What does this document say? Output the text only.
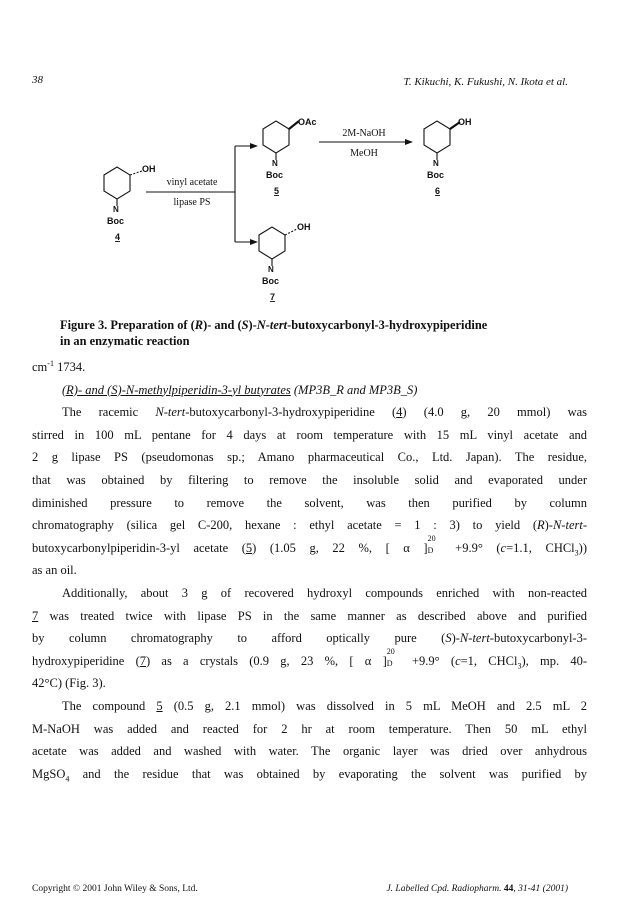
38	T. Kikuchi, K. Fukushi, N. Ikota et al.
OH
N
Boc
4
OAc
N
Boc
5
OH
N
Boc
6
OH
N
Boc
7
vinyl acetate
lipase PS
2M-NaOH
MeOH
Figure 3. Preparation of (R)- and (S)-N-tert-butoxycarbonyl-3-hydroxypiperidine
in an enzymatic reaction

$cm^{-1}$ 1734.

(R)- and (S)-N-methylpiperidin-3-yl butyrates (MP3B_R and MP3B_S)

The racemic N-tert-butoxycarbonyl-3-hydroxypiperidine (4) (4.0 g, 20 mmol) was

stirred in 100 mL pentane for 4 days at room temperature with 15 mL vinyl acetate and

2 g lipase PS (pseudomonas sp.; Amano pharmaceutical Co., Ltd. Japan). The residue,

that was obtained by filtering to remove the insoluble solid and evaporated under

diminished pressure to remove the solvent, was then purified by column

chromatography (silica gel C-200, hexane : ethyl acetate = 1 : 3) to yield (R)-N-tert-

butoxycarbonylpiperidin-3-yl acetate (5) (1.05 g, 22 %, [ α ]
20
D +9.9° (c=1.1, CHCl$_3$))

as an oil.

Additionally, about 3 g of recovered hydroxyl compounds enriched with non-reacted

7 was treated twice with lipase PS in the same manner as described above and purified

by column chromatography to afford optically pure (S)-N-tert-butoxycarbonyl-3-

hydroxypiperidine (7) as a crystals (0.9 g, 23 %, [ α ]
20
D +9.9° (c=1, CHCl$_3$), mp. 40-

42°C) (Fig. 3).

The compound 5 (0.5 g, 2.1 mmol) was dissolved in 5 mL MeOH and 2.5 mL 2

M-NaOH was added and reacted for 2 hr at room temperature. Then 50 mL ethyl

acetate was added and washed with water. The organic layer was dried over anhydrous

MgSO$_4$ and the residue that was obtained by evaporating the solvent was purified by

Copyright © 2001 John Wiley & Sons, Ltd.	J. Labelled Cpd. Radiopharm. 44, 31-41 (2001)
